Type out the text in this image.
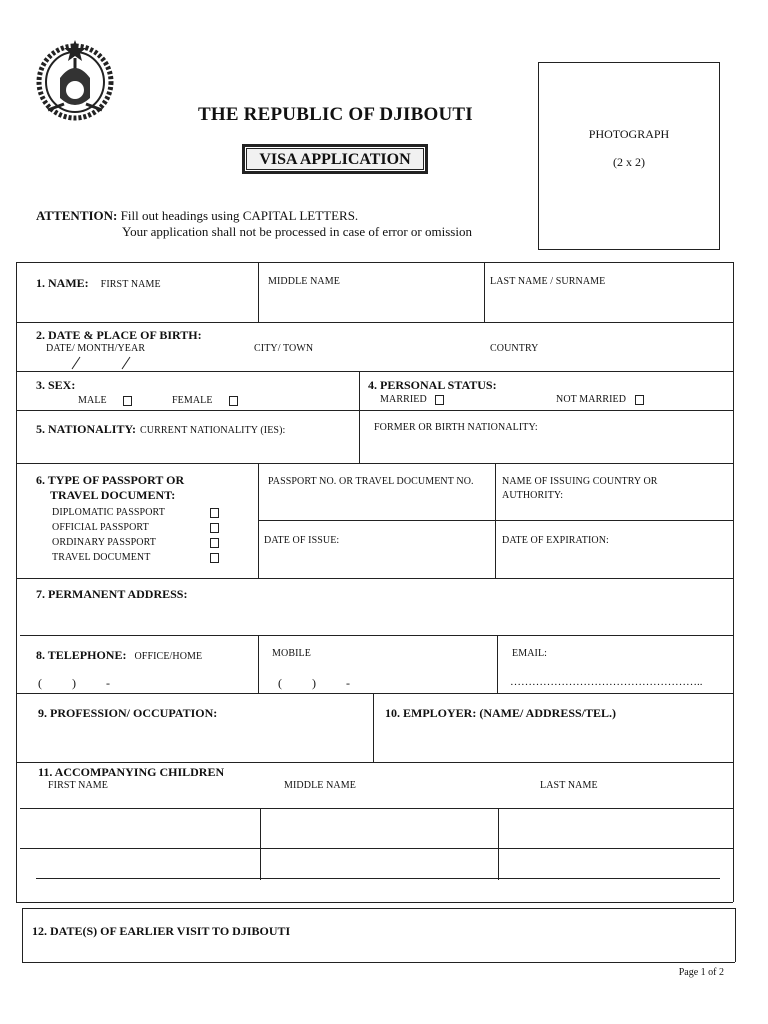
THE REPUBLIC OF DJIBOUTI
VISA APPLICATION
PHOTOGRAPH
(2 x 2)
ATTENTION: Fill out headings using CAPITAL LETTERS.
Your application shall not be processed in case of error or omission
1. NAME: FIRST NAME	MIDDLE NAME	LAST NAME / SURNAME
2. DATE & PLACE OF BIRTH:
DATE/ MONTH/YEAR	CITY/ TOWN	COUNTRY
3. SEX:
MALE	FEMALE
4. PERSONAL STATUS:
MARRIED	NOT MARRIED
5. NATIONALITY: CURRENT NATIONALITY (IES):	FORMER OR BIRTH NATIONALITY:
6. TYPE OF PASSPORT OR
TRAVEL DOCUMENT:
DIPLOMATIC PASSPORT
OFFICIAL PASSPORT
ORDINARY PASSPORT
TRAVEL DOCUMENT
PASSPORT NO. OR TRAVEL DOCUMENT NO.	NAME OF ISSUING COUNTRY OR
AUTHORITY:
DATE OF ISSUE:	DATE OF EXPIRATION:
7. PERMANENT ADDRESS:
8. TELEPHONE: OFFICE/HOME	MOBILE	EMAIL:
(          )          -	(          )          -	……………………………………………..
9. PROFESSION/ OCCUPATION:	10. EMPLOYER: (NAME/ ADDRESS/TEL.)
11. ACCOMPANYING CHILDREN
FIRST NAME	MIDDLE NAME	LAST NAME
12. DATE(S) OF EARLIER VISIT TO DJIBOUTI
Page 1 of 2
